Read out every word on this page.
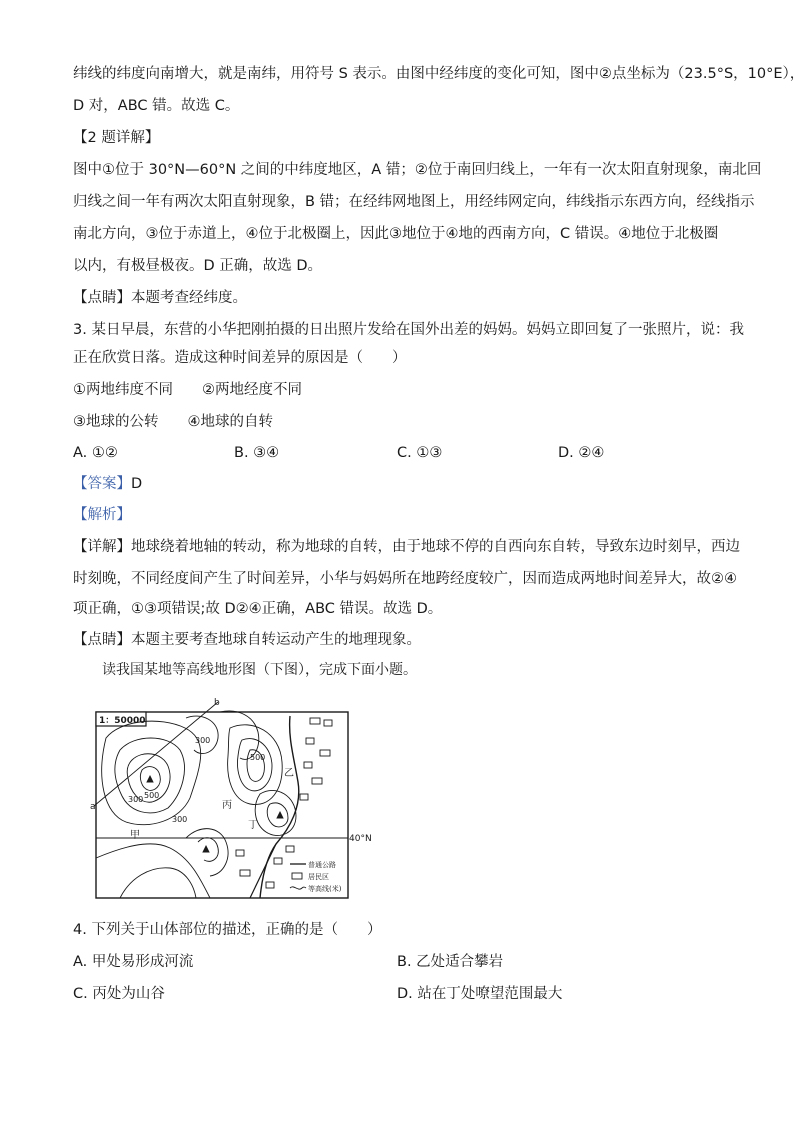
纬线的纬度向南增大，就是南纬，用符号 S 表示。由图中经纬度的变化可知，图中②点坐标为（23.5°S，10°E），
D 对，ABC 错。故选 C。
【2 题详解】
图中①位于 30°N—60°N 之间的中纬度地区，A 错；②位于南回归线上，一年有一次太阳直射现象，南北回
归线之间一年有两次太阳直射现象，B 错；在经纬网地图上，用经纬网定向，纬线指示东西方向，经线指示
南北方向，③位于赤道上，④位于北极圈上，因此③地位于④地的西南方向，C 错误。④地位于北极圈
以内，有极昼极夜。D 正确，故选 D。
【点睛】本题考查经纬度。
3. 某日早晨，东营的小华把刚拍摄的日出照片发给在国外出差的妈妈。妈妈立即回复了一张照片，说：我
正在欣赏日落。造成这种时间差异的原因是（　　）
①两地纬度不同　　②两地经度不同
③地球的公转　　④地球的自转
A. ①②	B. ③④	C. ①③	D. ②④
【答案】D
【解析】
【详解】地球绕着地轴的转动，称为地球的自转，由于地球不停的自西向东自转，导致东边时刻早，西边
时刻晚，不同经度间产生了时间差异，小华与妈妈所在地跨经度较广，因而造成两地时间差异大，故②④
项正确，①③项错误;故 D②④正确，ABC 错误。故选 D。
【点睛】本题主要考查地球自转运动产生的地理现象。
读我国某地等高线地形图（下图），完成下面小题。
1：50000
40°N
a
b
300
500
500
300
300
甲
乙
丙
丁
普通公路
居民区
等高线(米)
4. 下列关于山体部位的描述，正确的是（　　）
A. 甲处易形成河流	B. 乙处适合攀岩
C. 丙处为山谷	D. 站在丁处嘹望范围最大
